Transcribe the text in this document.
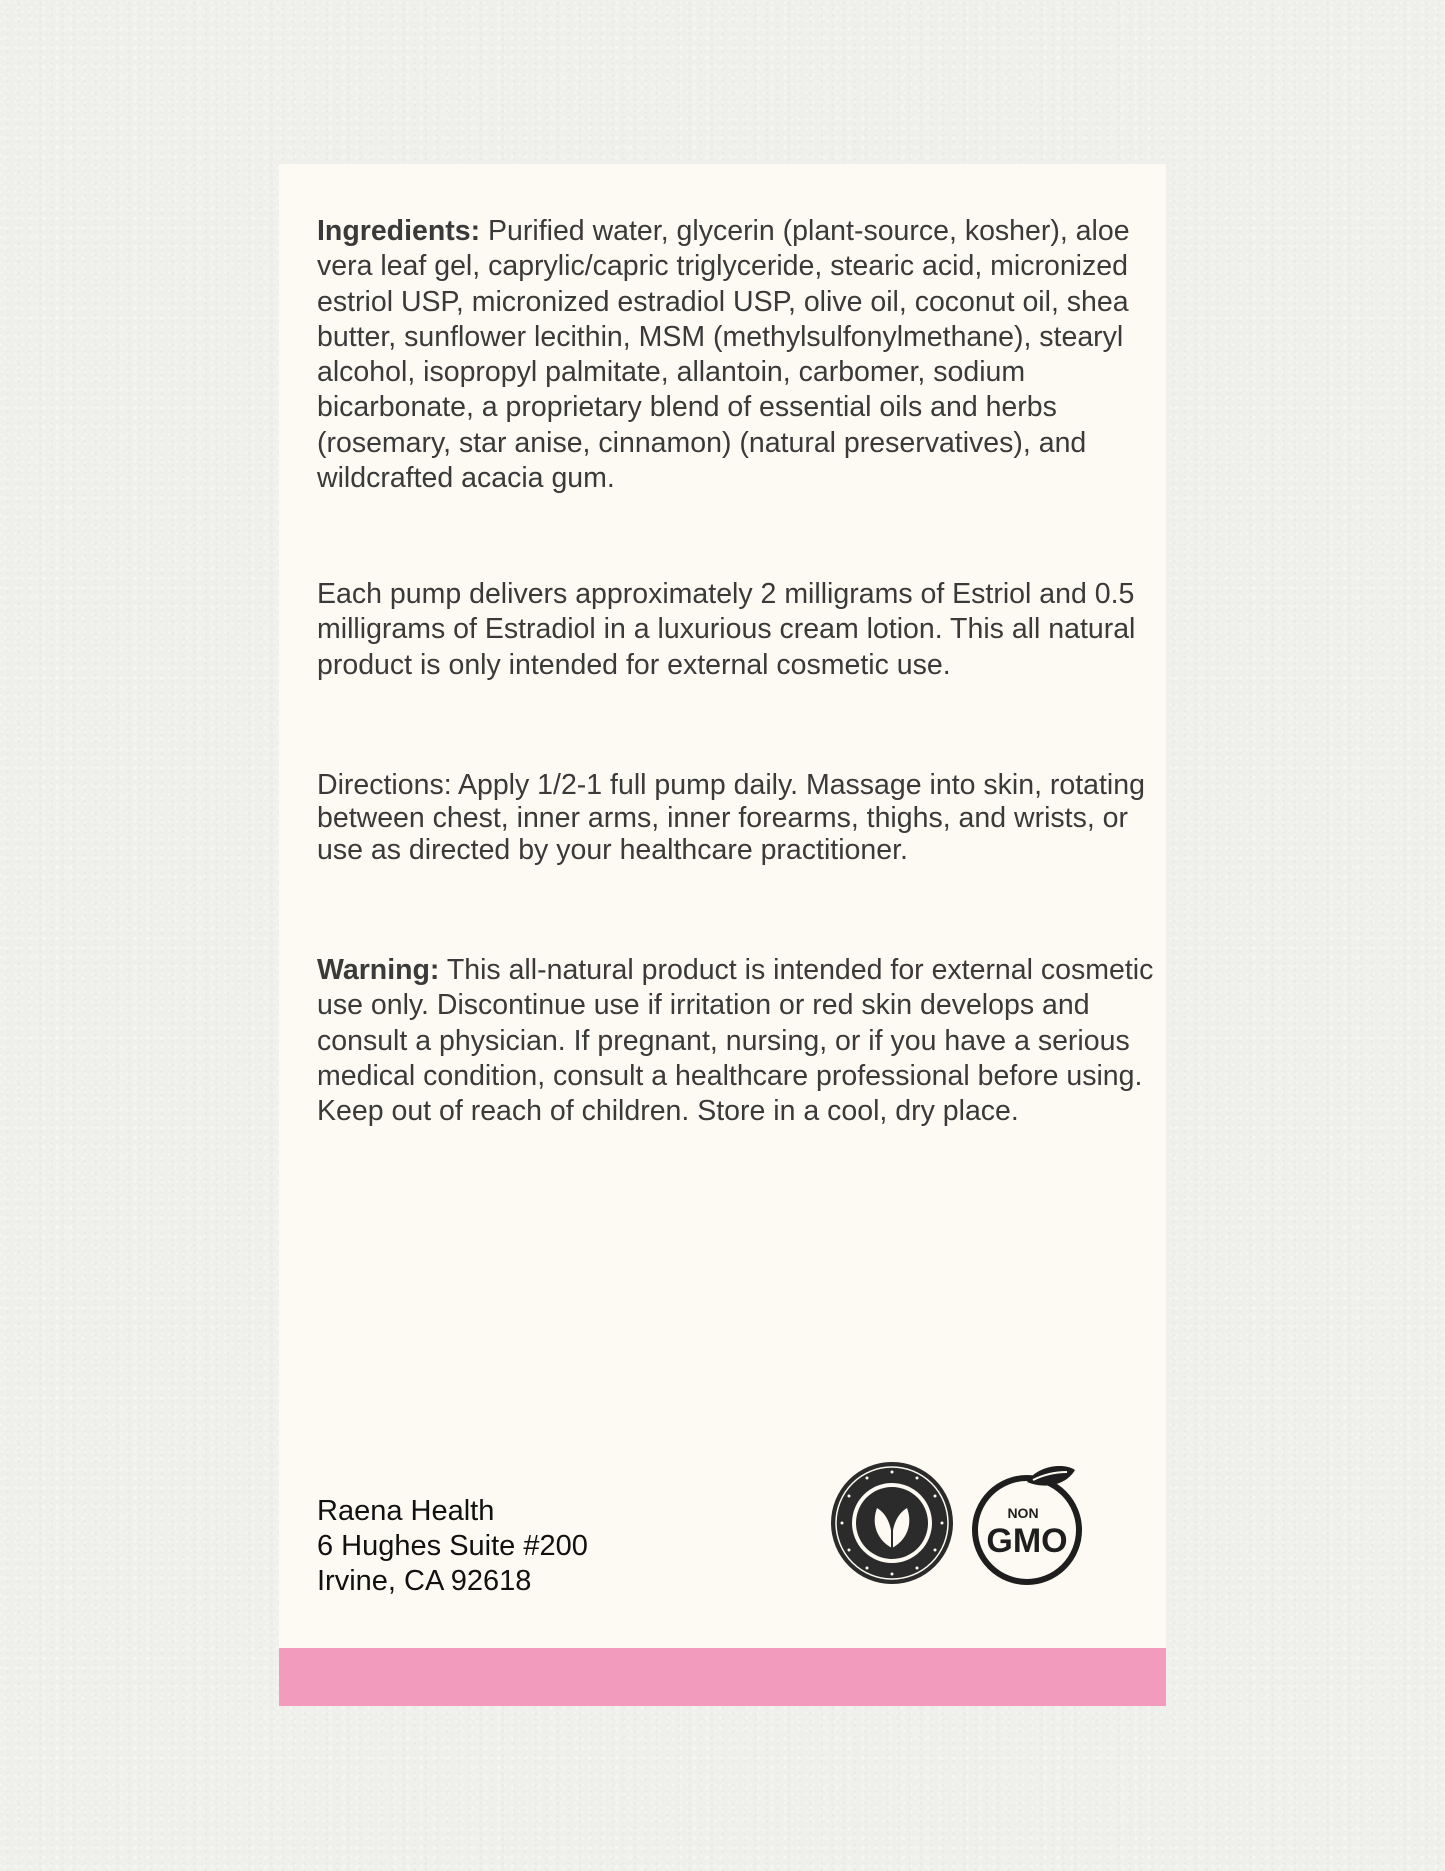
Ingredients: Purified water, glycerin (plant-source, kosher), aloe vera leaf gel, caprylic/capric triglyceride, stearic acid, micronized estriol USP, micronized estradiol USP, olive oil, coconut oil, shea butter, sunflower lecithin, MSM (methylsulfonylmethane), stearyl alcohol, isopropyl palmitate, allantoin, carbomer, sodium bicarbonate, a proprietary blend of essential oils and herbs (rosemary, star anise, cinnamon) (natural preservatives), and wildcrafted acacia gum.

Each pump delivers approximately 2 milligrams of Estriol and 0.5 milligrams of Estradiol in a luxurious cream lotion. This all natural product is only intended for external cosmetic use.

Directions: Apply 1/2-1 full pump daily. Massage into skin, rotating between chest, inner arms, inner forearms, thighs, and wrists, or use as directed by your healthcare practitioner.

Warning: This all-natural product is intended for external cosmetic use only. Discontinue use if irritation or red skin develops and consult a physician. If pregnant, nursing, or if you have a serious medical condition, consult a healthcare professional before using. Keep out of reach of children. Store in a cool, dry place.

Raena Health
6 Hughes Suite #200
Irvine, CA 92618
NON
GMO
